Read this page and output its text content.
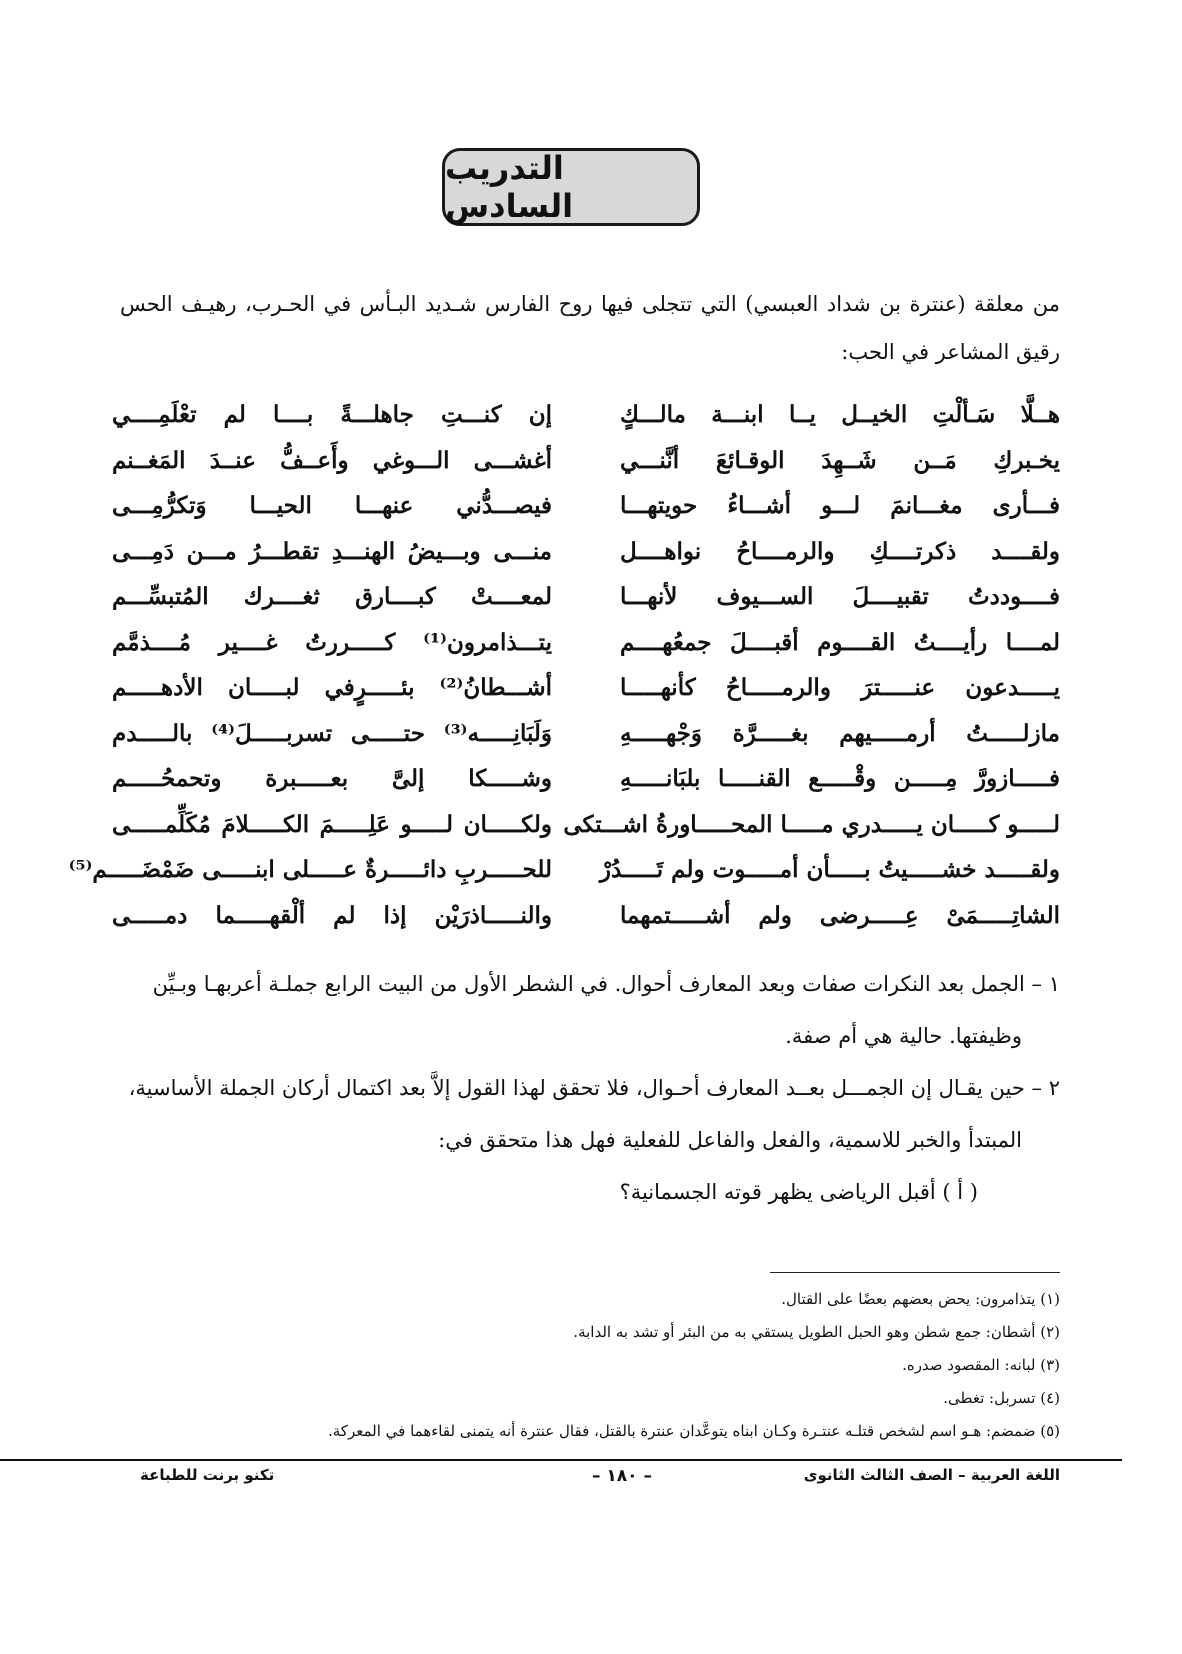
التدريب السادس
من معلقة (عنترة بن شداد العبسي) التي تتجلى فيها روح الفارس شـديد البـأس في الحـرب، رهيـف الحس رقيق المشاعر في الحب:
هــلَّا سَـألْتِ الخيــل يــا ابنـــة مالـــكٍ
إن كنـــتِ جاهلـــةً بــــا لم تعْلَمِــــي
يخـبركِ مَــن شَــهِدَ الوقـائعَ أنَّنـــي
أغشـــى الـــوغي وأَعــفُّ عنــدَ المَغــنم
فـــأرى مغـــانمَ لـــو أشـــاءُ حويتهـــا
فيصـــدُّني عنهـــا الحيـــا وَتكرُّمِـــى
ولقــــد ذكرتــــكِ والرمــــاحُ نواهــــل
منـــى وبـــيضُ الهنـــدِ تقطـــرُ مـــن دَمِـــى
فــــوددتُ تقبيــــلَ الســـيوف لأنهـــا
لمعــــتْ كبــــارق ثغــــرك المُتبسِّـــم
لمــــا رأيــــتُ القــــوم أقبــــلَ جمعُهــــم
يتـــذامرون⁽¹⁾ كـــــررتُ غــــير مُــــذمَّم
يـــــدعون عنـــــترَ والرمـــــاحُ كأنهـــــا
أشـــطانُ⁽²⁾ بئـــــرٍفي لبـــــان الأدهـــــم
مازلـــــتُ أرمـــــيهم بغـــــرَّة وَجْهـــــهِ
وَلَبَانِـــــه⁽³⁾ حتـــــى تسربـــــلَ⁽⁴⁾ بالـــــدم
فـــــازورَّ مِـــــن وقْـــــع القنـــــا بلبَانـــــهِ
وشـــــكا إلىَّ بعـــــبرة وتحمحُـــــم
لـــــو كـــــان يـــــدري مـــــا المحـــــاورةُ اشـــتكى
ولكـــــان لـــــو عَلِـــــمَ الكـــــلامَ مُكَلِّمـــــى
ولقـــــد خشـــــيتُ بـــــأن أمـــــوت ولم تَـــــدُرْ
للحـــــربِ دائـــــرةٌ عـــــلى ابنـــــى ضَمْضَـــــم⁽⁵⁾
الشاتِـــــمَىْ عِـــــرضى ولم أشـــــتمهما
والنـــــاذرَيْن إذا لم ألْقهـــــما دمـــــى
١ – الجمل بعد النكرات صفات وبعد المعارف أحوال. في الشطر الأول من البيت الرابع جملـة أعربهـا وبـيِّن
وظيفتها. حالية هي أم صفة.
٢ – حين يقـال إن الجمـــل بعــد المعارف أحـوال، فلا تحقق لهذا القول إلاَّ بعد اكتمال أركان الجملة الأساسية،
المبتدأ والخبر للاسمية، والفعل والفاعل للفعلية فهل هذا متحقق في:
( أ ) أقبل الرياضى يظهر قوته الجسمانية؟
(١) يتذامرون: يحض بعضهم بعضًا على القتال.
(٢) أشطان: جمع شطن وهو الحبل الطويل يستقي به من البئر أو تشد به الدابة.
(٣) لبانه: المقصود صدره.
(٤) تسربل: تغطى.
(٥) ضمضم: هـو اسم لشخص قتلـه عنتـرة وكـان ابناه يتوعَّدان عنترة بالقتل، فقال عنترة أنه يتمنى لقاءهما في المعركة.
اللغة العربية – الصف الثالث الثانوى
– ١٨٠ –
تكنو برنت للطباعة
